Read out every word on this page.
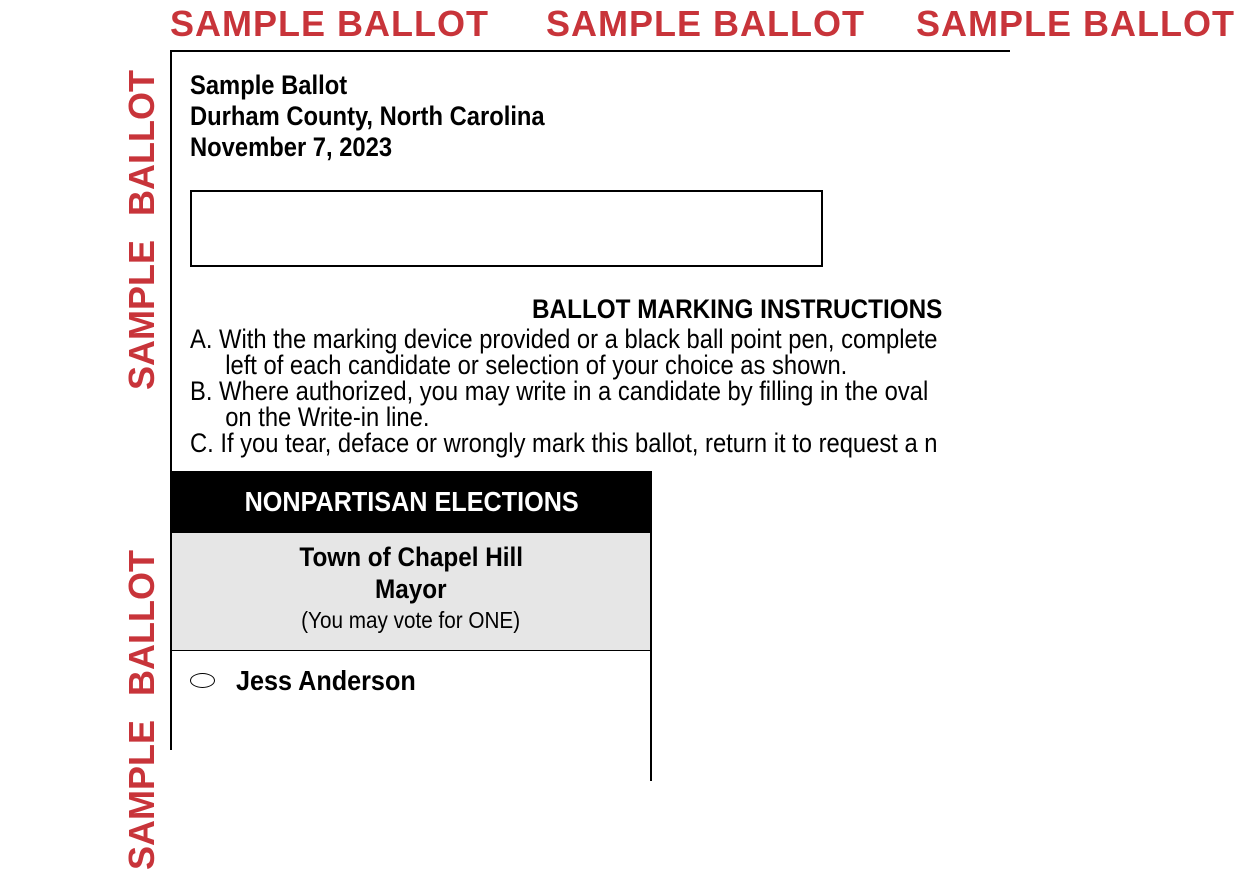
SAMPLE BALLOT SAMPLE BALLOT SAMPLE BALLOT
SAMPLEBALLOT
SAMPLEBALLOT
Sample Ballot
Durham County, North Carolina
November 7, 2023
BALLOT MARKING INSTRUCTIONS
A. With the marking device provided or a black ball point pen, complete
left of each candidate or selection of your choice as shown.
B. Where authorized, you may write in a candidate by filling in the oval
on the Write-in line.
C. If you tear, deface or wrongly mark this ballot, return it to request a n
NONPARTISAN ELECTIONS
Town of Chapel Hill
Mayor
(You may vote for ONE)
Jess Anderson
